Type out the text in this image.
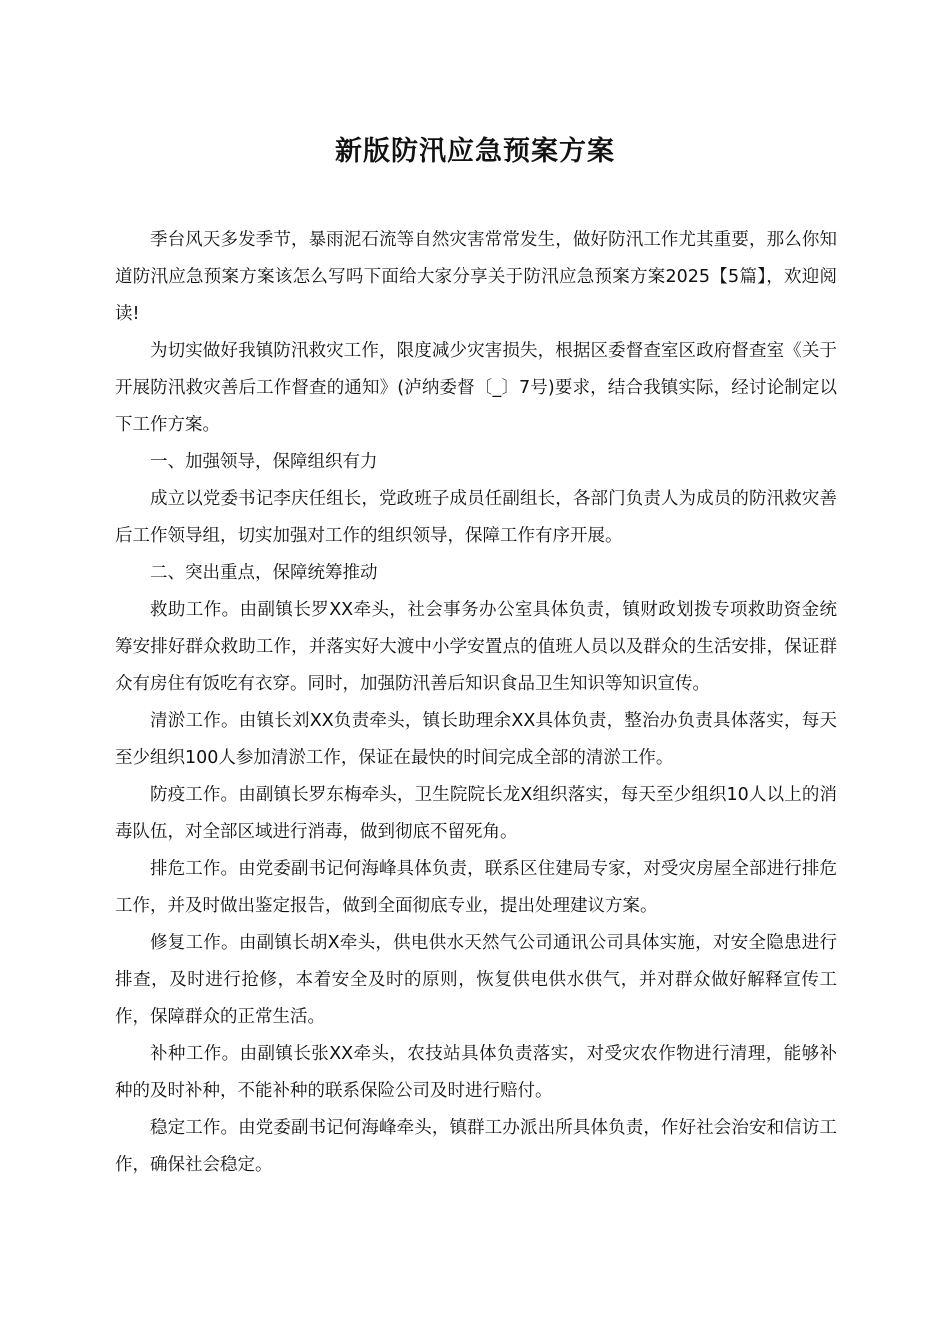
新版防汛应急预案方案

季台风天多发季节，暴雨泥石流等自然灾害常常发生，做好防汛工作尤其重要，那么你知道防汛应急预案方案该怎么写吗下面给大家分享关于防汛应急预案方案2025【5篇】，欢迎阅读!

为切实做好我镇防汛救灾工作，限度减少灾害损失，根据区委督查室区政府督查室《关于开展防汛救灾善后工作督查的通知》(泸纳委督〔_〕7号)要求，结合我镇实际，经讨论制定以下工作方案。

一、加强领导，保障组织有力

成立以党委书记李庆任组长，党政班子成员任副组长，各部门负责人为成员的防汛救灾善后工作领导组，切实加强对工作的组织领导，保障工作有序开展。

二、突出重点，保障统筹推动

救助工作。由副镇长罗XX牵头，社会事务办公室具体负责，镇财政划拨专项救助资金统筹安排好群众救助工作，并落实好大渡中小学安置点的值班人员以及群众的生活安排，保证群众有房住有饭吃有衣穿。同时，加强防汛善后知识食品卫生知识等知识宣传。

清淤工作。由镇长刘XX负责牵头，镇长助理余XX具体负责，整治办负责具体落实，每天至少组织100人参加清淤工作，保证在最快的时间完成全部的清淤工作。

防疫工作。由副镇长罗东梅牵头，卫生院院长龙X组织落实，每天至少组织10人以上的消毒队伍，对全部区域进行消毒，做到彻底不留死角。

排危工作。由党委副书记何海峰具体负责，联系区住建局专家，对受灾房屋全部进行排危工作，并及时做出鉴定报告，做到全面彻底专业，提出处理建议方案。

修复工作。由副镇长胡X牵头，供电供水天然气公司通讯公司具体实施，对安全隐患进行排查，及时进行抢修，本着安全及时的原则，恢复供电供水供气，并对群众做好解释宣传工作，保障群众的正常生活。

补种工作。由副镇长张XX牵头，农技站具体负责落实，对受灾农作物进行清理，能够补种的及时补种，不能补种的联系保险公司及时进行赔付。

稳定工作。由党委副书记何海峰牵头，镇群工办派出所具体负责，作好社会治安和信访工作，确保社会稳定。
